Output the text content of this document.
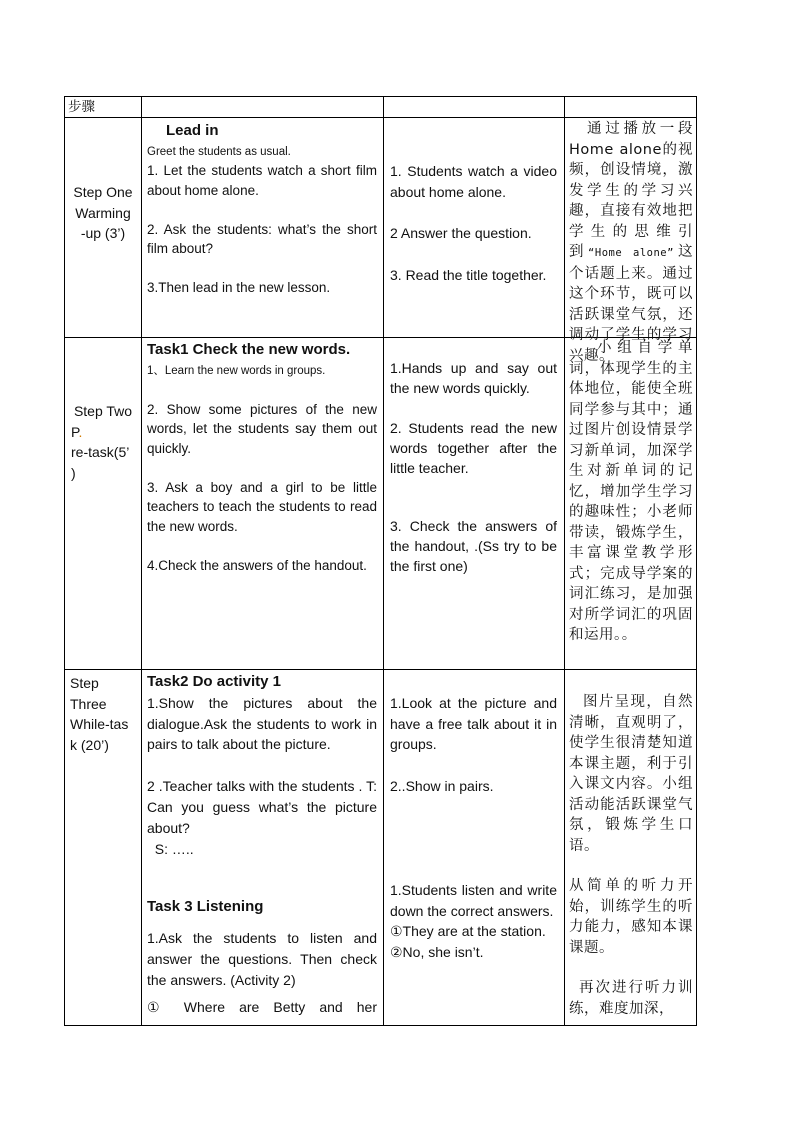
步骤

Step One

Warming

-up (3’)

Lead in

Greet the students as usual.

1. Let the students watch a short film about home alone.

2. Ask the students: what’s the short film about?

3.Then lead in the new lesson.

1. Students watch a video about home alone.

2 Answer the question.

3. Read the title together.

通过播放一段Home alone的视频，创设情境，激发学生的学习兴趣，直接有效地把学生的思维引到“Home alone”这个话题上来。通过这个环节，既可以活跃课堂气氛，还调动了学生的学习兴趣。

Step Two

P.

re-task(5’

)

Task1 Check the new words.

1、Learn the new words in groups.

2. Show some pictures of the new words, let the students say them out quickly.

3. Ask a boy and a girl to be little teachers to teach the students to read the new words.

4.Check the answers of the handout.

1.Hands up and say out the new words quickly.

2. Students read the new words together after the little teacher.

3. Check the answers of the handout, .(Ss try to be the first one)

小组自学单词，体现学生的主体地位，能使全班同学参与其中；通过图片创设情景学习新单词，加深学生对新单词的记忆，增加学生学习的趣味性；小老师带读，锻炼学生，丰富课堂教学形式；完成导学案的词汇练习，是加强对所学词汇的巩固和运用。。

Step

Three

While-tas

k (20’)

Task2 Do activity 1

1.Show the pictures about the dialogue.Ask the students to work in pairs to talk about the picture.

2 .Teacher talks with the students . T: Can you guess what’s the picture about?

S: …..

Task 3 Listening

1.Ask the students to listen and answer the questions. Then check the answers. (Activity 2)

① Where are Betty and her

1.Look at the picture and have a free talk about it in groups.

2..Show in pairs.

1.Students listen and write down the correct answers.

①They are at the station.

②No, she isn’t.

图片呈现，自然清晰，直观明了，使学生很清楚知道本课主题，利于引入课文内容。小组活动能活跃课堂气氛，锻炼学生口语。

从简单的听力开始，训练学生的听力能力，感知本课课题。

再次进行听力训练，难度加深，
